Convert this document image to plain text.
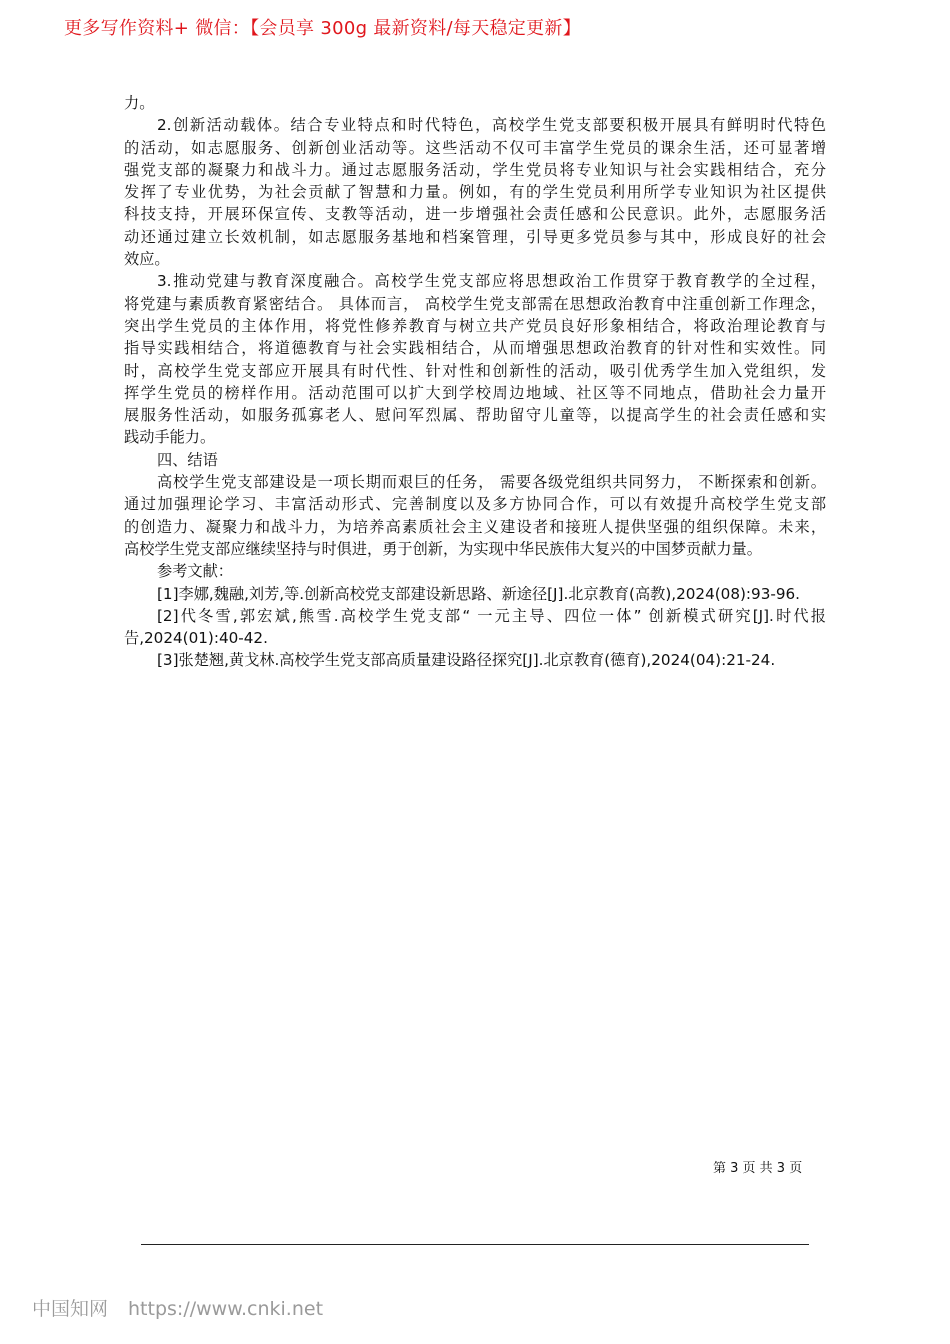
更多写作资料+ 微信：【会员享 300g 最新资料/每天稳定更新】
力。
2.创新活动载体。结合专业特点和时代特色，高校学生党支部要积极开展具有鲜明时代特色
的活动，如志愿服务、创新创业活动等。这些活动不仅可丰富学生党员的课余生活，还可显著增
强党支部的凝聚力和战斗力。通过志愿服务活动，学生党员将专业知识与社会实践相结合，充分
发挥了专业优势，为社会贡献了智慧和力量。例如，有的学生党员利用所学专业知识为社区提供
科技支持，开展环保宣传、支教等活动，进一步增强社会责任感和公民意识。此外，志愿服务活
动还通过建立长效机制，如志愿服务基地和档案管理，引导更多党员参与其中，形成良好的社会
效应。
3.推动党建与教育深度融合。高校学生党支部应将思想政治工作贯穿于教育教学的全过程，
将党建与素质教育紧密结合。 具体而言， 高校学生党支部需在思想政治教育中注重创新工作理念，
突出学生党员的主体作用，将党性修养教育与树立共产党员良好形象相结合，将政治理论教育与
指导实践相结合，将道德教育与社会实践相结合，从而增强思想政治教育的针对性和实效性。同
时，高校学生党支部应开展具有时代性、针对性和创新性的活动，吸引优秀学生加入党组织，发
挥学生党员的榜样作用。活动范围可以扩大到学校周边地域、社区等不同地点，借助社会力量开
展服务性活动，如服务孤寡老人、慰问军烈属、帮助留守儿童等，以提高学生的社会责任感和实
践动手能力。
四、结语
高校学生党支部建设是一项长期而艰巨的任务， 需要各级党组织共同努力， 不断探索和创新。
通过加强理论学习、丰富活动形式、完善制度以及多方协同合作，可以有效提升高校学生党支部
的创造力、凝聚力和战斗力，为培养高素质社会主义建设者和接班人提供坚强的组织保障。未来，
高校学生党支部应继续坚持与时俱进，勇于创新，为实现中华民族伟大复兴的中国梦贡献力量。
参考文献：
[1]李娜,魏融,刘芳,等.创新高校党支部建设新思路、新途径[J].北京教育(高教),2024(08):93-96.
[2]代冬雪,郭宏斌,熊雪.高校学生党支部“ 一元主导、四位一体” 创新模式研究[J].时代报
告,2024(01):40-42.
[3]张楚翘,黄戈林.高校学生党支部高质量建设路径探究[J].北京教育(德育),2024(04):21-24.
第 3 页 共 3 页
中国知网 https://www.cnki.net
